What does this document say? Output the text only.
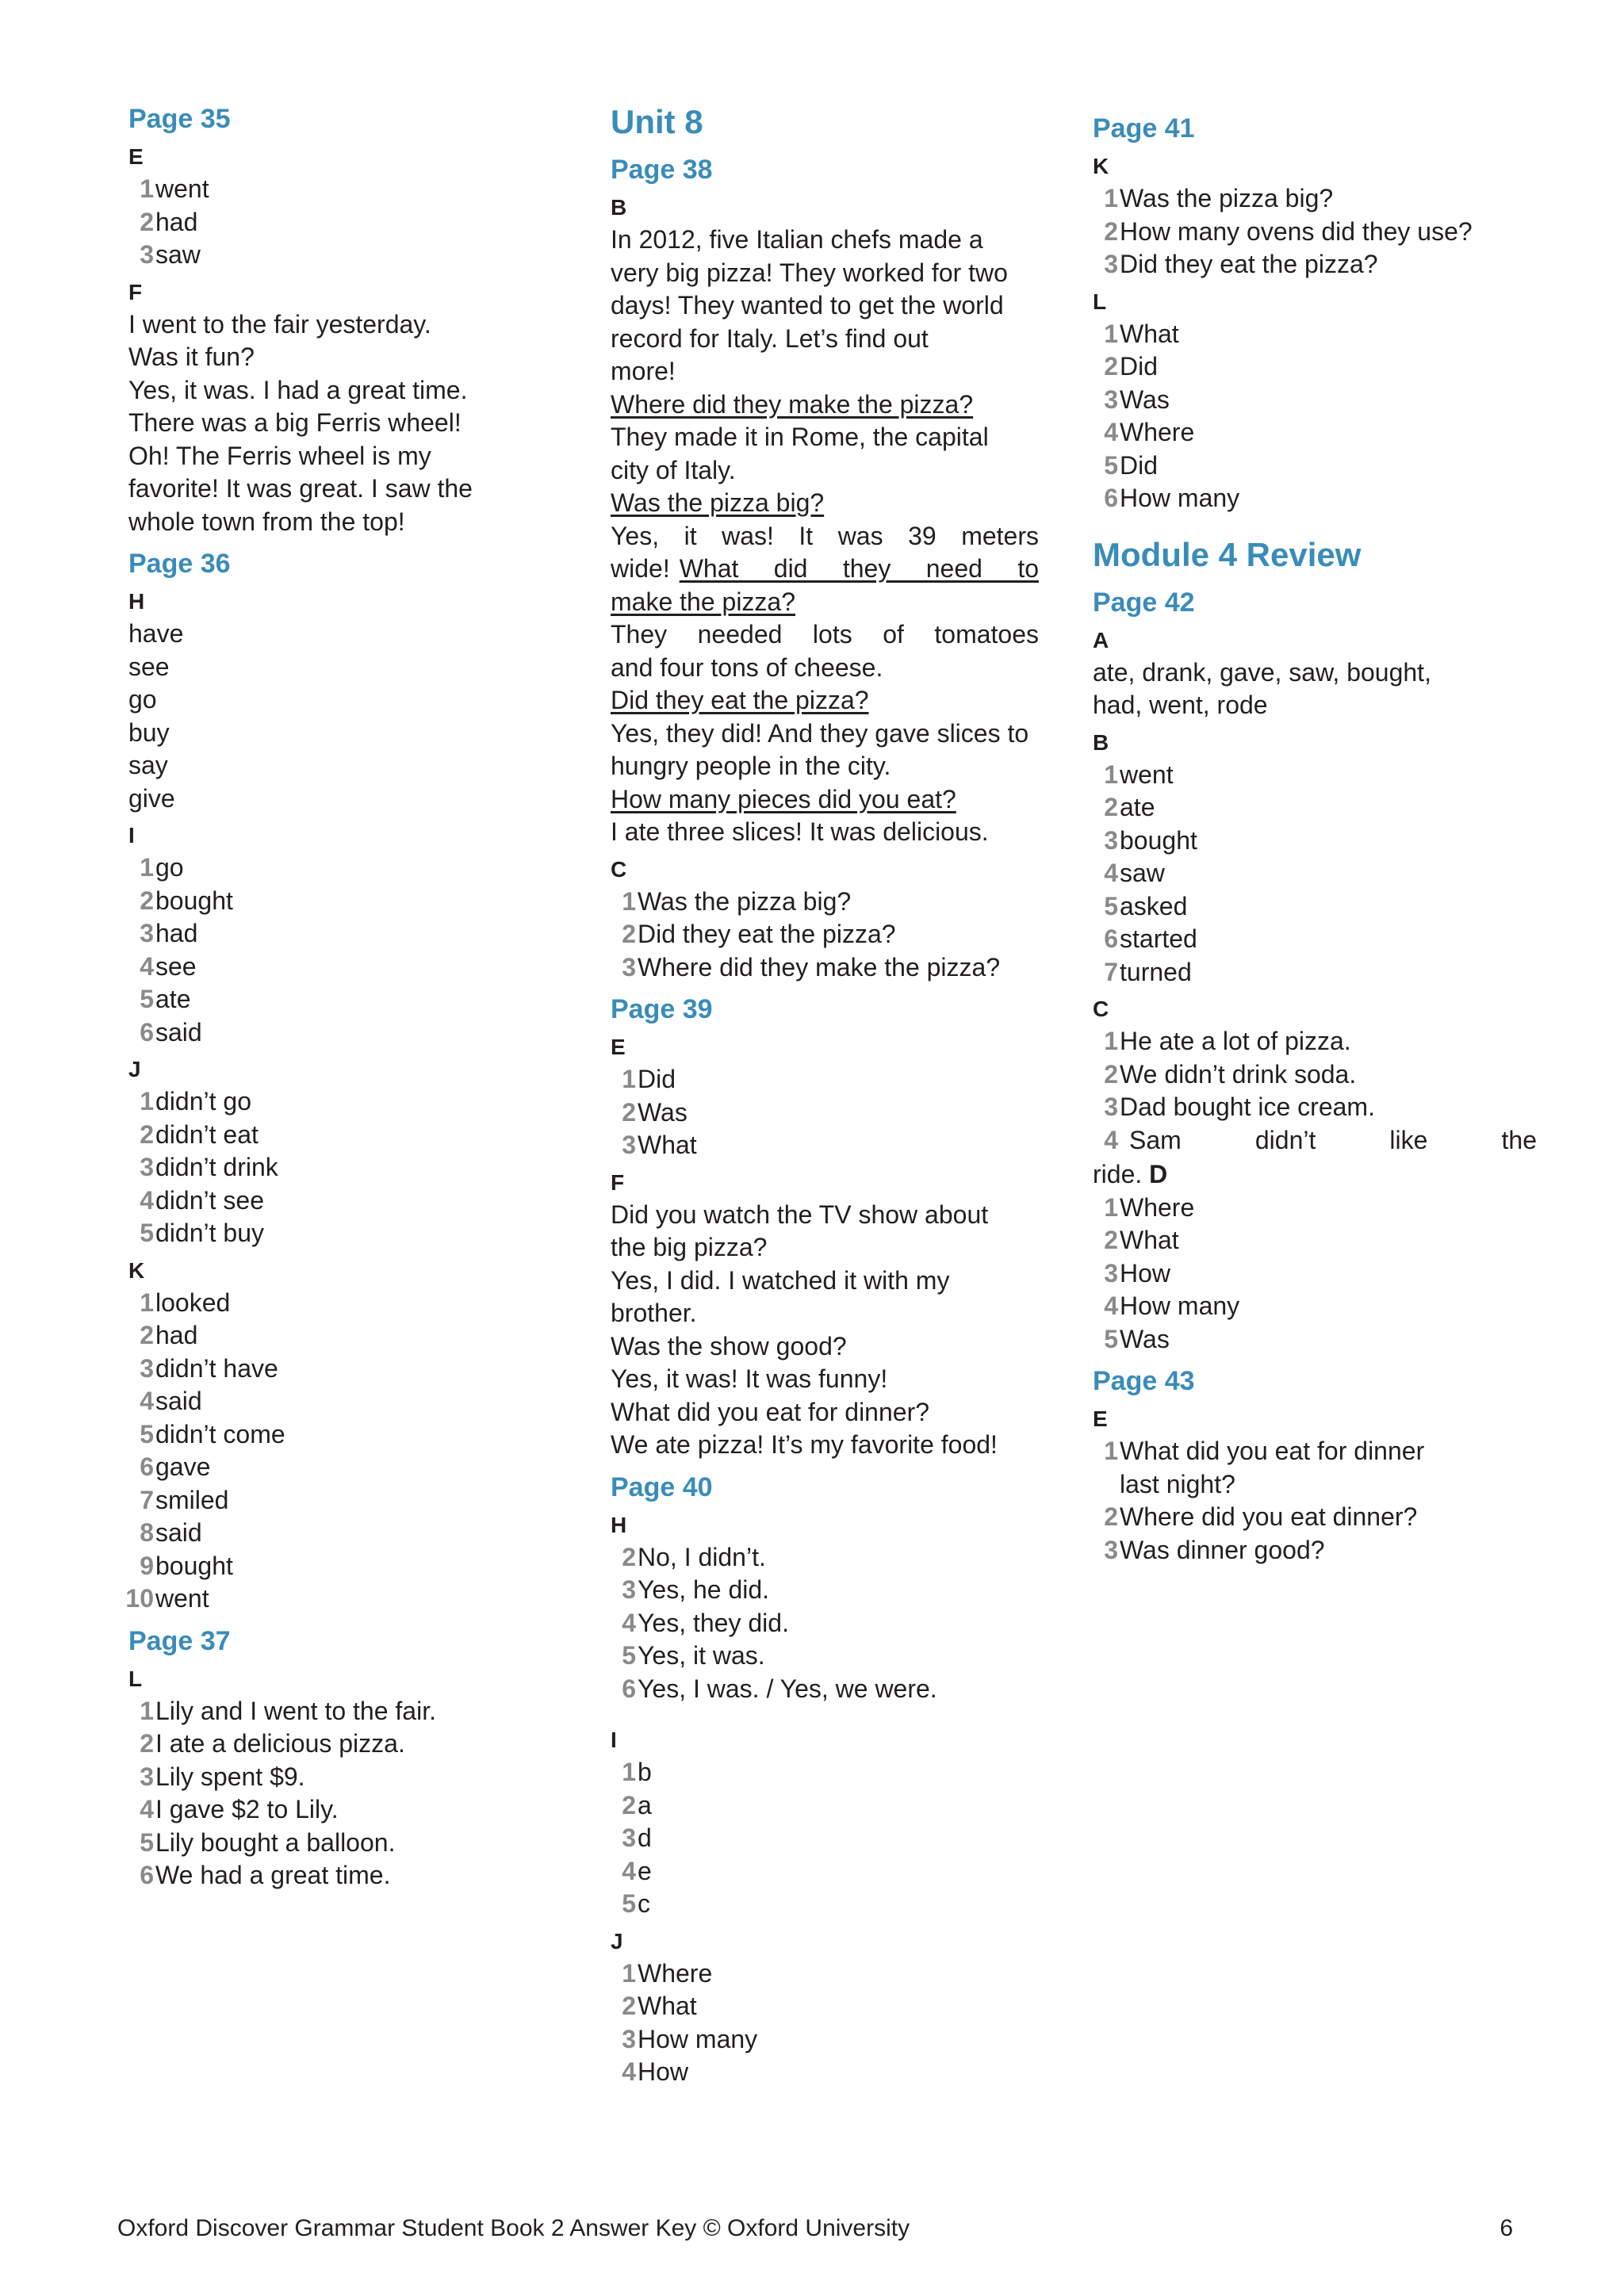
Page 35
E
1 went
2 had
3 saw
F
I went to the fair yesterday.
Was it fun?
Yes, it was. I had a great time.
There was a big Ferris wheel!
Oh! The Ferris wheel is my
favorite! It was great. I saw the
whole town from the top!
Page 36
H
have
see
go
buy
say
give
I
1 go
2 bought
3 had
4 see
5 ate
6 said
J
1 didn’t go
2 didn’t eat
3 didn’t drink
4 didn’t see
5 didn’t buy
K
1 looked
2 had
3 didn’t have
4 said
5 didn’t come
6 gave
7 smiled
8 said
9 bought
10 went
Page 37
L
1 Lily and I went to the fair.
2 I ate a delicious pizza.
3 Lily spent $9.
4 I gave $2 to Lily.
5 Lily bought a balloon.
6 We had a great time.
Unit 8
Page 38
B
In 2012, five Italian chefs made a
very big pizza! They worked for two
days! They wanted to get the world
record for Italy. Let’s find out
more!
Where did they make the pizza?
They made it in Rome, the capital
city of Italy.
Was the pizza big?
Yes, it was! It was 39 meters
wide! What did they need to
make the pizza?
They needed lots of tomatoes
and four tons of cheese.
Did they eat the pizza?
Yes, they did! And they gave slices to
hungry people in the city.
How many pieces did you eat?
I ate three slices! It was delicious.
C
1 Was the pizza big?
2 Did they eat the pizza?
3 Where did they make the pizza?
Page 39
E
1 Did
2 Was
3 What
F
Did you watch the TV show about
the big pizza?
Yes, I did. I watched it with my
brother.
Was the show good?
Yes, it was! It was funny!
What did you eat for dinner?
We ate pizza! It’s my favorite food!
Page 40
H
2 No, I didn’t.
3 Yes, he did.
4 Yes, they did.
5 Yes, it was.
6 Yes, I was. / Yes, we were.
I
1 b
2 a
3 d
4 e
5 c
J
1 Where
2 What
3 How many
4 How
Page 41
K
1 Was the pizza big?
2 How many ovens did they use?
3 Did they eat the pizza?
L
1 What
2 Did
3 Was
4 Where
5 Did
6 How many
Module 4 Review
Page 42
A
ate, drank, gave, saw, bought,
had, went, rode
B
1 went
2 ate
3 bought
4 saw
5 asked
6 started
7 turned
C
1 He ate a lot of pizza.
2 We didn’t drink soda.
3 Dad bought ice cream.
4 Sam didn’t like the
ride. D
1 Where
2 What
3 How
4 How many
5 Was
Page 43
E
1 What did you eat for dinner
last night?
2 Where did you eat dinner?
3 Was dinner good?
Oxford Discover Grammar Student Book 2 Answer Key © Oxford University	6
